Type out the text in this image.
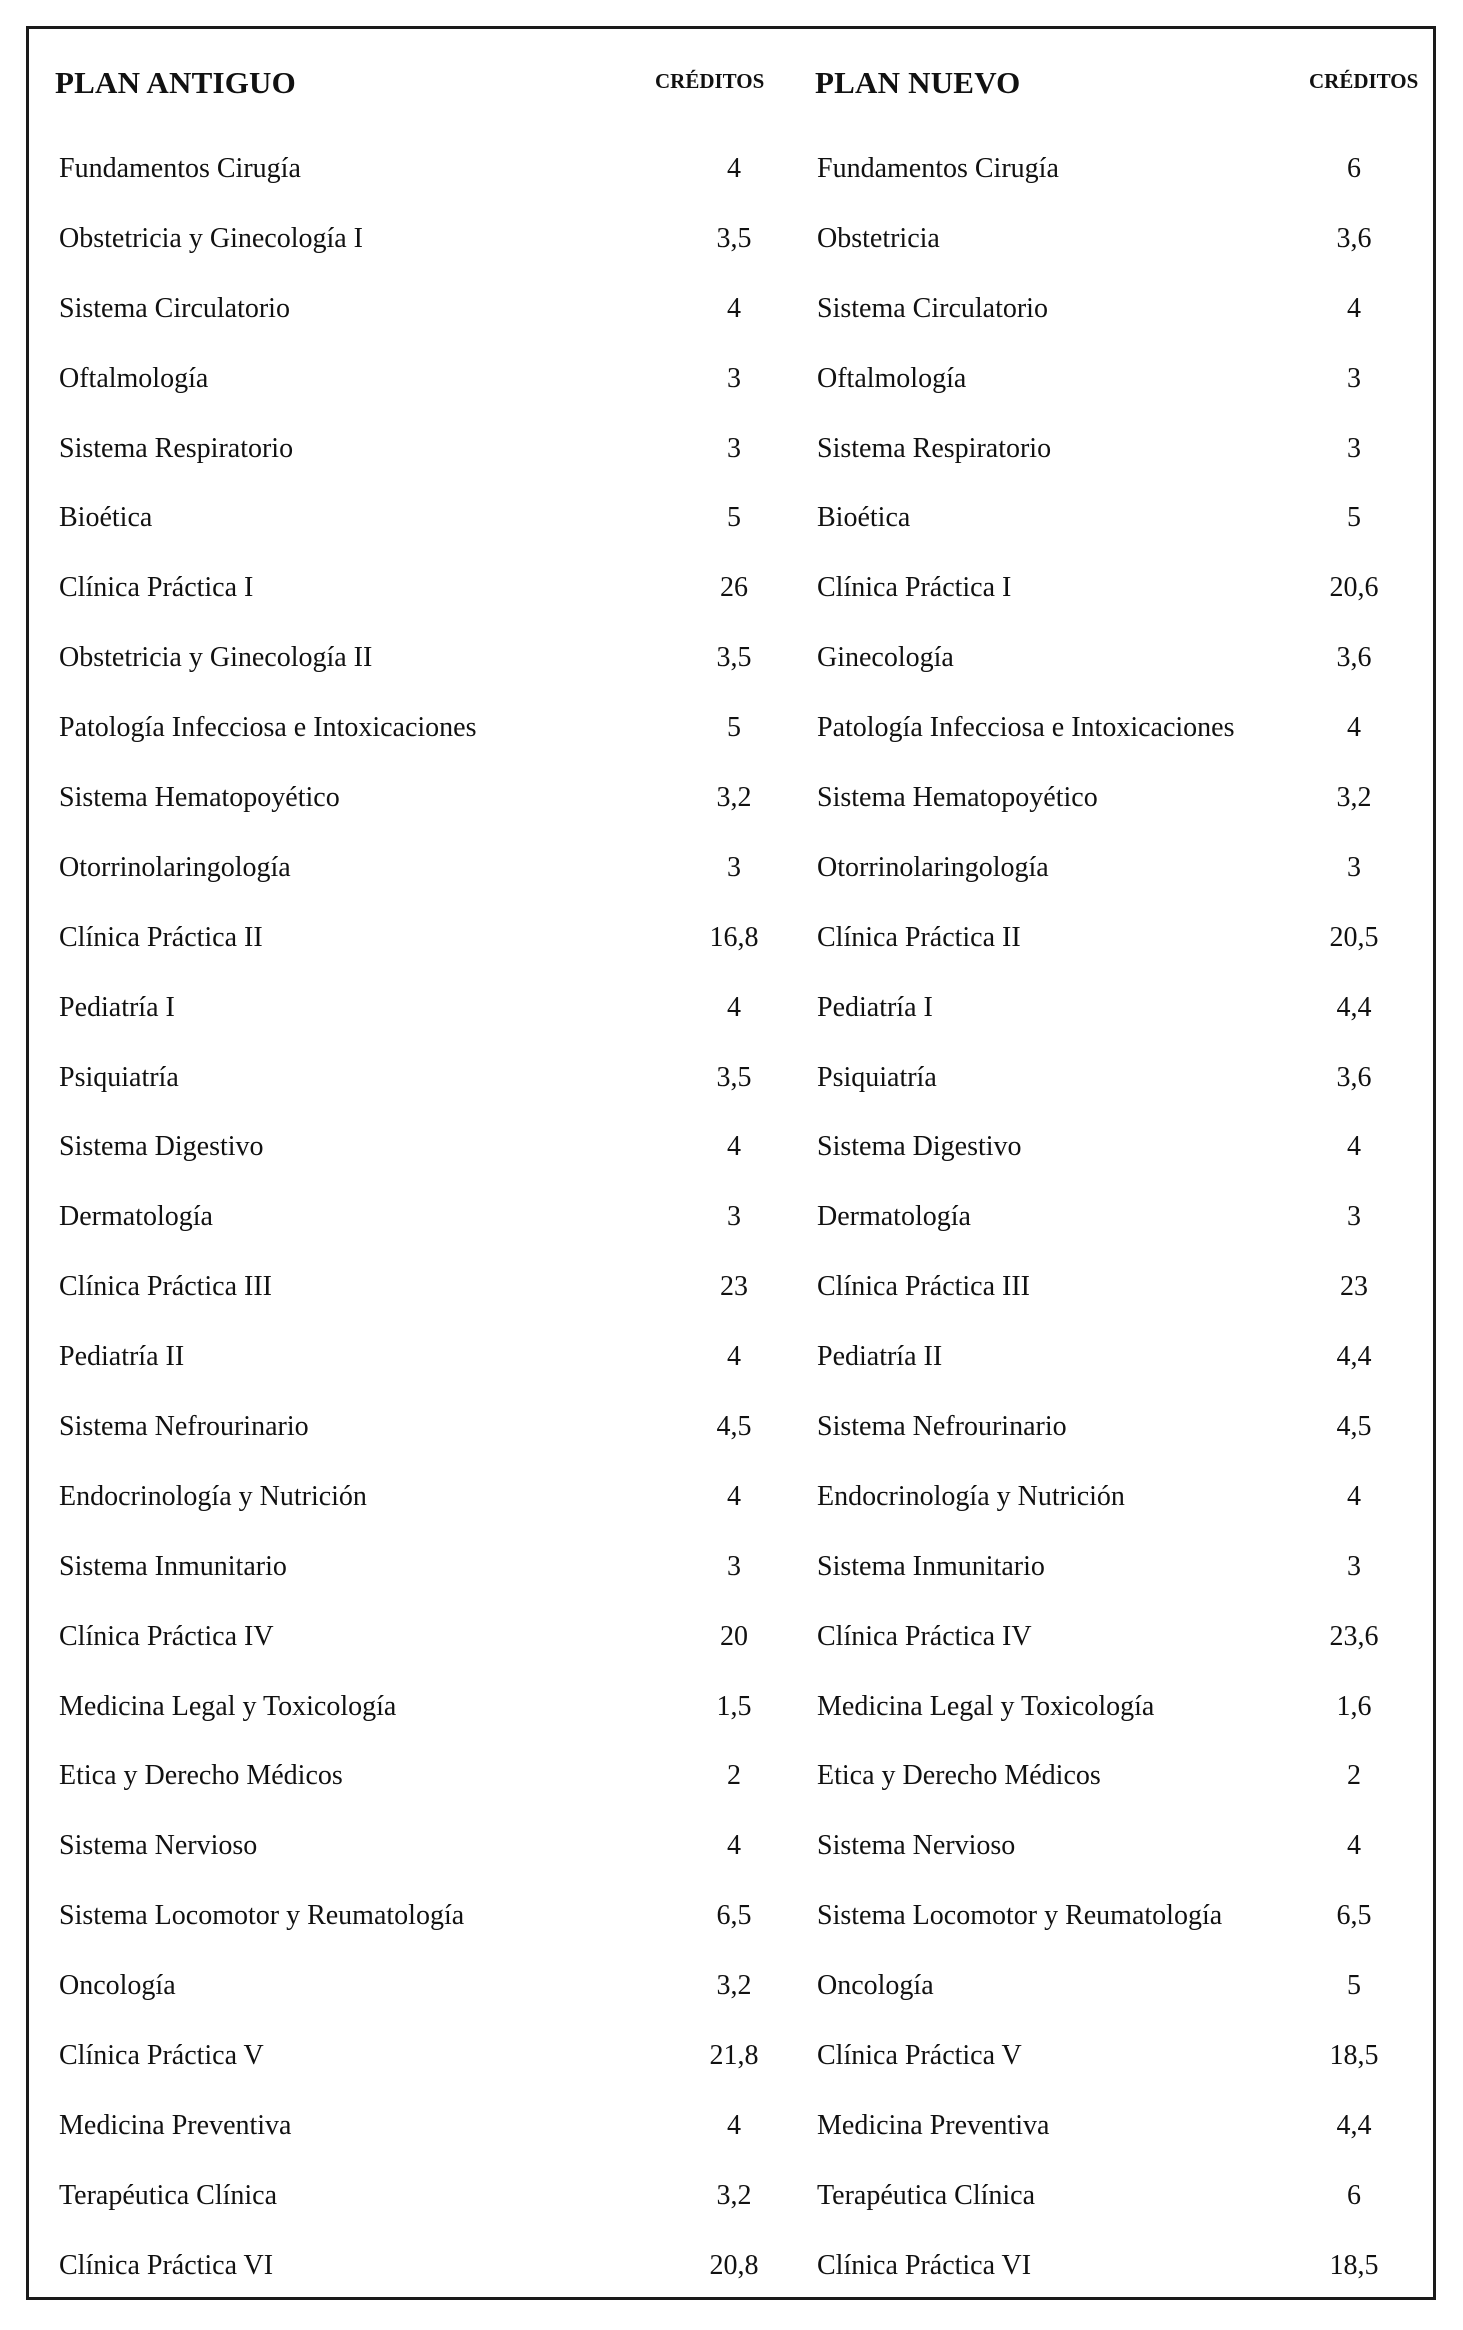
PLAN ANTIGUO	CRÉDITOS
Fundamentos Cirugía	4
Obstetricia y Ginecología I	3,5
Sistema Circulatorio	4
Oftalmología	3
Sistema Respiratorio	3
Bioética	5
Clínica Práctica I	26
Obstetricia y Ginecología II	3,5
Patología Infecciosa e Intoxicaciones	5
Sistema Hematopoyético	3,2
Otorrinolaringología	3
Clínica Práctica II	16,8
Pediatría I	4
Psiquiatría	3,5
Sistema Digestivo	4
Dermatología	3
Clínica Práctica III	23
Pediatría II	4
Sistema Nefrourinario	4,5
Endocrinología y Nutrición	4
Sistema Inmunitario	3
Clínica Práctica IV	20
Medicina Legal y Toxicología	1,5
Etica y Derecho Médicos	2
Sistema Nervioso	4
Sistema Locomotor y Reumatología	6,5
Oncología	3,2
Clínica Práctica V	21,8
Medicina Preventiva	4
Terapéutica Clínica	3,2
Clínica Práctica VI	20,8
PLAN NUEVO	CRÉDITOS
Fundamentos Cirugía	6
Obstetricia	3,6
Sistema Circulatorio	4
Oftalmología	3
Sistema Respiratorio	3
Bioética	5
Clínica Práctica I	20,6
Ginecología	3,6
Patología Infecciosa e Intoxicaciones	4
Sistema Hematopoyético	3,2
Otorrinolaringología	3
Clínica Práctica II	20,5
Pediatría I	4,4
Psiquiatría	3,6
Sistema Digestivo	4
Dermatología	3
Clínica Práctica III	23
Pediatría II	4,4
Sistema Nefrourinario	4,5
Endocrinología y Nutrición	4
Sistema Inmunitario	3
Clínica Práctica IV	23,6
Medicina Legal y Toxicología	1,6
Etica y Derecho Médicos	2
Sistema Nervioso	4
Sistema Locomotor y Reumatología	6,5
Oncología	5
Clínica Práctica V	18,5
Medicina Preventiva	4,4
Terapéutica Clínica	6
Clínica Práctica VI	18,5
